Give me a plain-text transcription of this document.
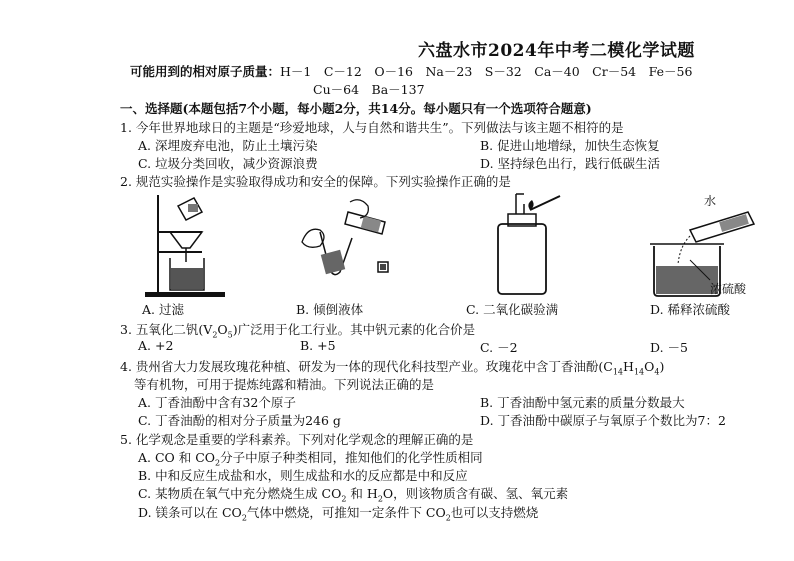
六盘水市2024年中考二模化学试题
可能用到的相对原子质量：H－1　C－12　O－16　Na－23　S－32　Ca－40　Cr－54　Fe－56
Cu－64　Ba－137
一、选择题(本题包括7个小题，每小题2分，共14分。每小题只有一个选项符合题意)
1. 今年世界地球日的主题是“珍爱地球，人与自然和谐共生”。下列做法与该主题不相符的是
A. 深埋废弃电池，防止土壤污染	B. 促进山地增绿，加快生态恢复
C. 垃圾分类回收，减少资源浪费	D. 坚持绿色出行，践行低碳生活
2. 规范实验操作是实验取得成功和安全的保障。下列实验操作正确的是
A. 过滤	B. 倾倒液体	C. 二氧化碳验满
水
浓硫酸
D. 稀释浓硫酸
3. 五氧化二钒$(V_2O_5)$广泛用于化工行业。其中钒元素的化合价是
A. +2	B. +5	C. －2	D. －5
4. 贵州省大力发展玫瑰花种植、研发为一体的现代化科技型产业。玫瑰花中含丁香油酚$(C_{14}H_{14}O_4)$
等有机物，可用于提炼纯露和精油。下列说法正确的是
A. 丁香油酚中含有32个原子	B. 丁香油酚中氢元素的质量分数最大
C. 丁香油酚的相对分子质量为246 g	D. 丁香油酚中碳原子与氧原子个数比为7：2
5. 化学观念是重要的学科素养。下列对化学观念的理解正确的是
A. CO 和 $CO_2$分子中原子种类相同，推知他们的化学性质相同
B. 中和反应生成盐和水，则生成盐和水的反应都是中和反应
C. 某物质在氧气中充分燃烧生成 $CO_2$ 和 $H_2O$，则该物质含有碳、氢、氧元素
D. 镁条可以在 $CO_2$气体中燃烧，可推知一定条件下 $CO_2$也可以支持燃烧
